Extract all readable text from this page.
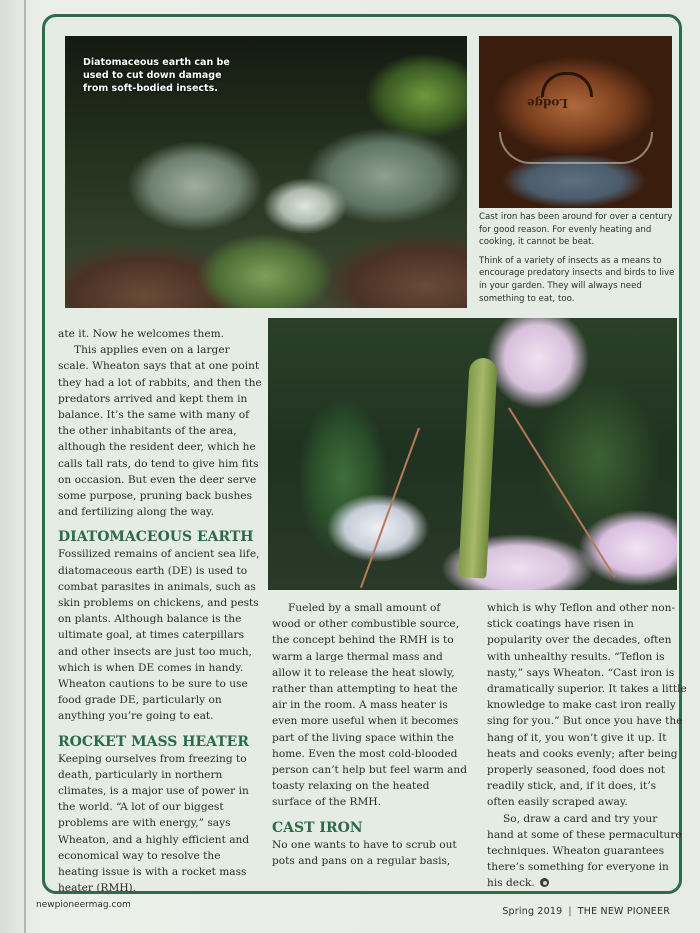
Diatomaceous earth can be used to cut down damage from soft-bodied insects.
Lodge

Cast iron has been around for over a century for good reason. For evenly heating and cooking, it cannot be beat.

Think of a variety of insects as a means to encourage predatory insects and birds to live in your garden. They will always need something to eat, too.

ate it. Now he welcomes them.

This applies even on a larger scale. Wheaton says that at one point they had a lot of rabbits, and then the predators arrived and kept them in balance. It’s the same with many of the other inhabitants of the area, although the resident deer, which he calls tall rats, do tend to give him fits on occasion. But even the deer serve some purpose, pruning back bushes and fertilizing along the way.

DIATOMACEOUS EARTH

Fossilized remains of ancient sea life, diatomaceous earth (DE) is used to combat parasites in animals, such as skin problems on chickens, and pests on plants. Although balance is the ultimate goal, at times caterpillars and other insects are just too much, which is when DE comes in handy. Wheaton cautions to be sure to use food grade DE, particularly on anything you’re going to eat.

ROCKET MASS HEATER

Keeping ourselves from freezing to death, particularly in northern climates, is a major use of power in the world. “A lot of our biggest problems are with energy,” says Wheaton, and a highly efficient and economical way to resolve the heating issue is with a rocket mass heater (RMH).

Fueled by a small amount of wood or other combustible source, the concept behind the RMH is to warm a large thermal mass and allow it to release the heat slowly, rather than attempting to heat the air in the room. A mass heater is even more useful when it becomes part of the living space within the home. Even the most cold-blooded person can’t help but feel warm and toasty relaxing on the heated surface of the RMH.

CAST IRON

No one wants to have to scrub out pots and pans on a regular basis,

which is why Teflon and other non-stick coatings have risen in popularity over the decades, often with unhealthy results. “Teflon is nasty,” says Wheaton. “Cast iron is dramatically superior. It takes a little knowledge to make cast iron really sing for you.” But once you have the hang of it, you won’t give it up. It heats and cooks evenly; after being properly seasoned, food does not readily stick, and, if it does, it’s often easily scraped away.

So, draw a card and try your hand at some of these permaculture techniques. Wheaton guarantees there’s something for everyone in his deck.

newpioneermag.com
Spring 2019 | THE NEW PIONEER
